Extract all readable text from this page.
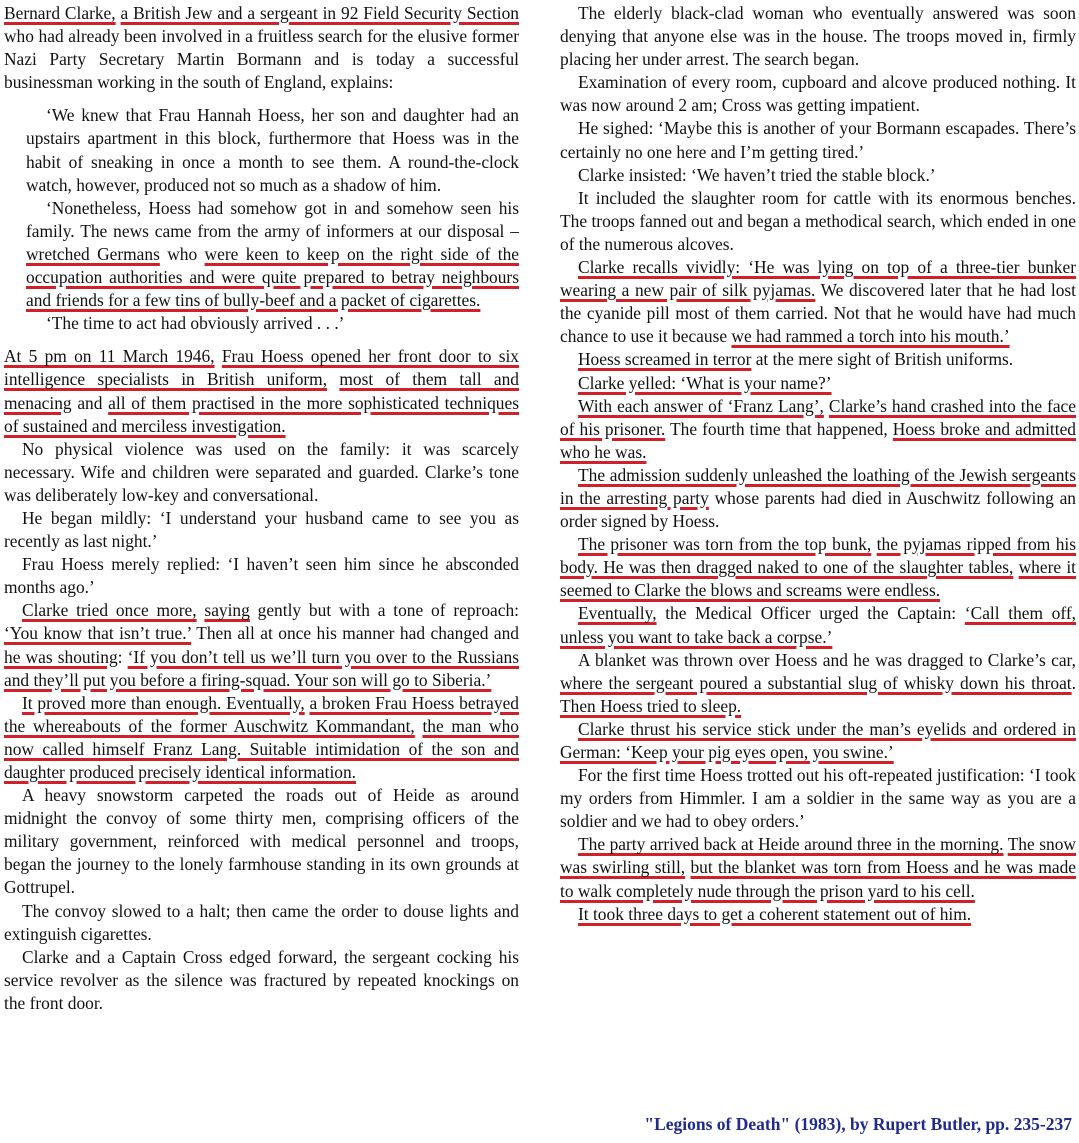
Bernard Clarke, a British Jew and a sergeant in 92 Field Security Section who had already been involved in a fruitless search for the elusive former Nazi Party Secretary Martin Bormann and is today a successful businessman working in the south of England, explains:

‘We knew that Frau Hannah Hoess, her son and daughter had an upstairs apartment in this block, furthermore that Hoess was in the habit of sneaking in once a month to see them. A round-the-clock watch, however, produced not so much as a shadow of him.

‘Nonetheless, Hoess had somehow got in and somehow seen his family. The news came from the army of informers at our disposal – wretched Germans who were keen to keep on the right side of the occupation authorities and were quite prepared to betray neighbours and friends for a few tins of bully-beef and a packet of cigarettes.

‘The time to act had obviously arrived . . .’

At 5 pm on 11 March 1946, Frau Hoess opened her front door to six intelligence specialists in British uniform, most of them tall and menacing and all of them practised in the more sophisticated techniques of sustained and merciless investigation.

No physical violence was used on the family: it was scarcely necessary. Wife and children were separated and guarded. Clarke’s tone was deliberately low-key and conversational.

He began mildly: ‘I understand your husband came to see you as recently as last night.’

Frau Hoess merely replied: ‘I haven’t seen him since he absconded months ago.’

Clarke tried once more, saying gently but with a tone of reproach: ‘You know that isn’t true.’ Then all at once his manner had changed and he was shouting: ‘If you don’t tell us we’ll turn you over to the Russians and they’ll put you before a firing-squad. Your son will go to Siberia.’

It proved more than enough. Eventually, a broken Frau Hoess betrayed the whereabouts of the former Auschwitz Kommandant, the man who now called himself Franz Lang. Suitable intimidation of the son and daughter produced precisely identical information.

A heavy snowstorm carpeted the roads out of Heide as around midnight the convoy of some thirty men, comprising officers of the military government, reinforced with medical personnel and troops, began the journey to the lonely farmhouse standing in its own grounds at Gottrupel.

The convoy slowed to a halt; then came the order to douse lights and extinguish cigarettes.

Clarke and a Captain Cross edged forward, the sergeant cocking his service revolver as the silence was fractured by repeated knockings on the front door.

The elderly black-clad woman who eventually answered was soon denying that anyone else was in the house. The troops moved in, firmly placing her under arrest. The search began.

Examination of every room, cupboard and alcove produced nothing. It was now around 2 am; Cross was getting impatient.

He sighed: ‘Maybe this is another of your Bormann escapades. There’s certainly no one here and I’m getting tired.’

Clarke insisted: ‘We haven’t tried the stable block.’

It included the slaughter room for cattle with its enormous benches. The troops fanned out and began a methodical search, which ended in one of the numerous alcoves.

Clarke recalls vividly: ‘He was lying on top of a three-tier bunker wearing a new pair of silk pyjamas. We discovered later that he had lost the cyanide pill most of them carried. Not that he would have had much chance to use it because we had rammed a torch into his mouth.’

Hoess screamed in terror at the mere sight of British uniforms.

Clarke yelled: ‘What is your name?’

With each answer of ‘Franz Lang’, Clarke’s hand crashed into the face of his prisoner. The fourth time that happened, Hoess broke and admitted who he was.

The admission suddenly unleashed the loathing of the Jewish sergeants in the arresting party whose parents had died in Auschwitz following an order signed by Hoess.

The prisoner was torn from the top bunk, the pyjamas ripped from his body. He was then dragged naked to one of the slaughter tables, where it seemed to Clarke the blows and screams were endless.

Eventually, the Medical Officer urged the Captain: ‘Call them off, unless you want to take back a corpse.’

A blanket was thrown over Hoess and he was dragged to Clarke’s car, where the sergeant poured a substantial slug of whisky down his throat. Then Hoess tried to sleep.

Clarke thrust his service stick under the man’s eyelids and ordered in German: ‘Keep your pig eyes open, you swine.’

For the first time Hoess trotted out his oft-repeated justification: ‘I took my orders from Himmler. I am a soldier in the same way as you are a soldier and we had to obey orders.’

The party arrived back at Heide around three in the morning. The snow was swirling still, but the blanket was torn from Hoess and he was made to walk completely nude through the prison yard to his cell.

It took three days to get a coherent statement out of him.

"Legions of Death" (1983), by Rupert Butler, pp. 235-237
